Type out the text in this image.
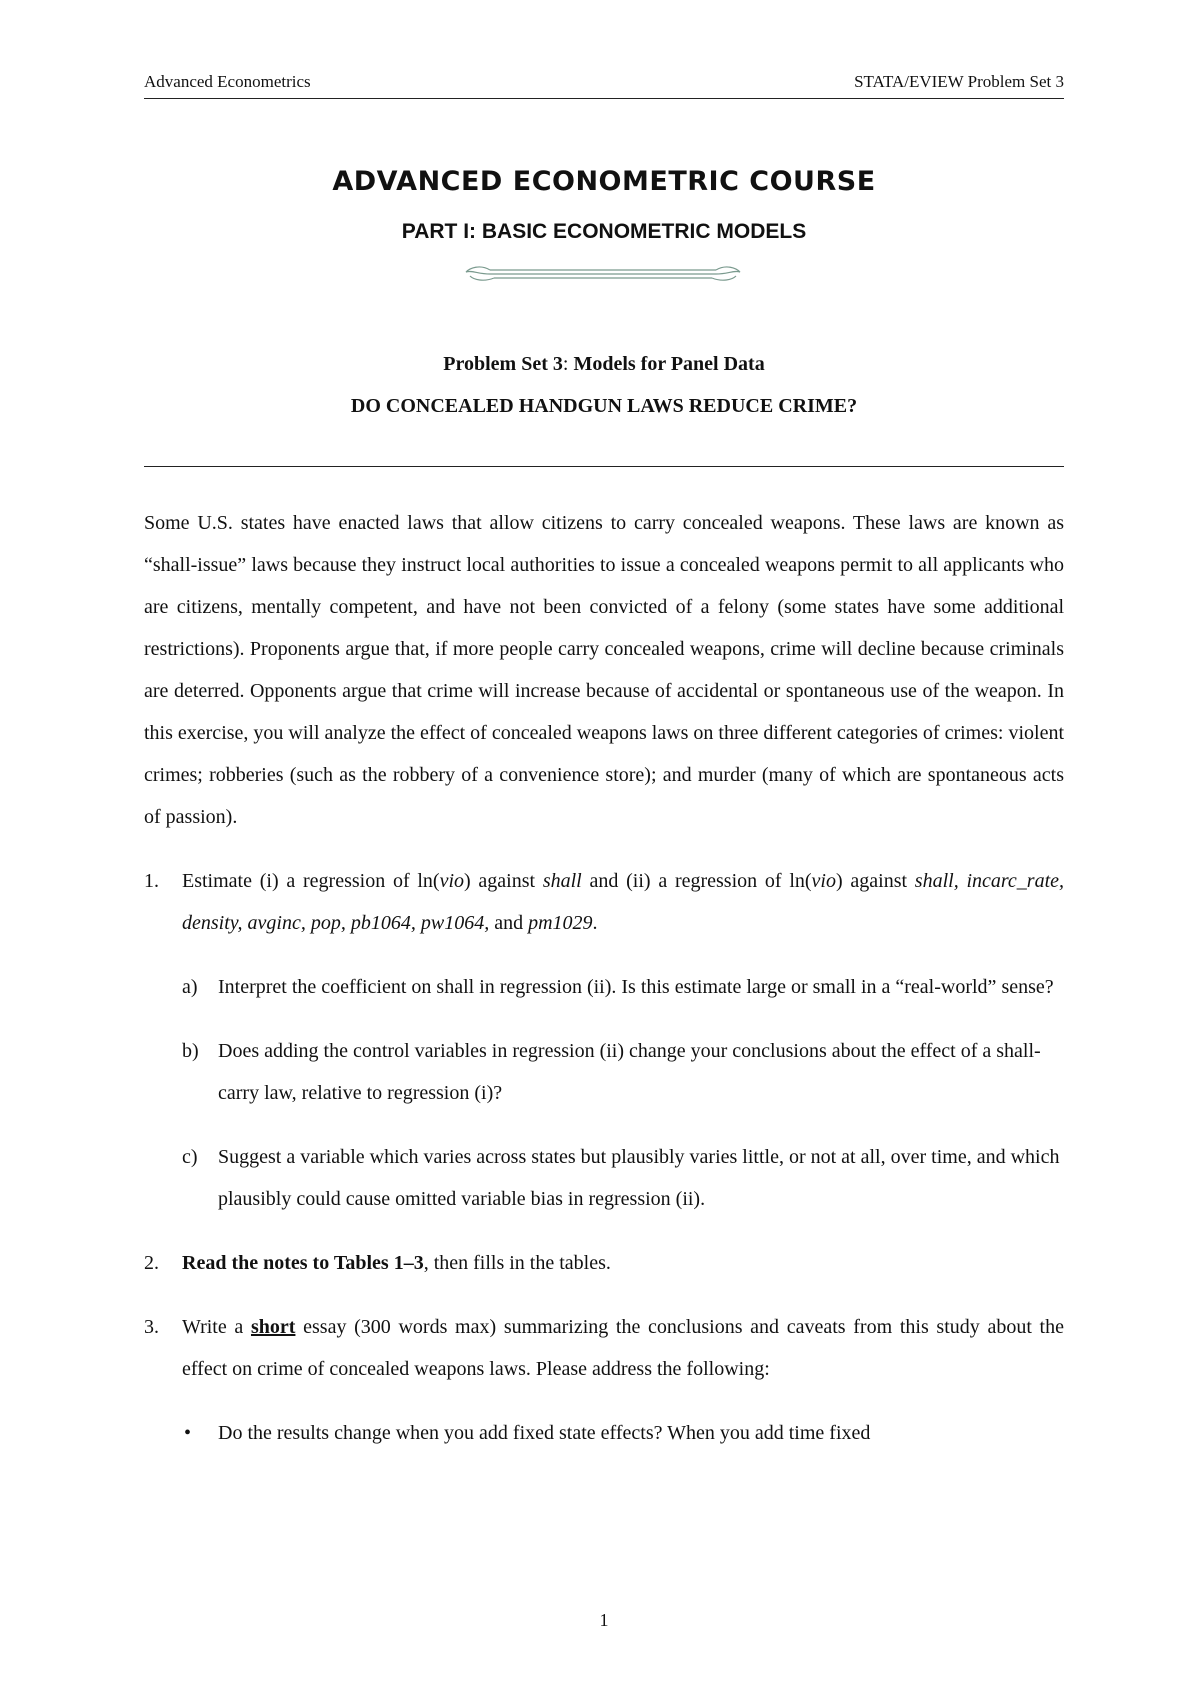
Advanced Econometrics	STATA/EVIEW Problem Set 3
ADVANCED ECONOMETRIC COURSE
PART I: BASIC ECONOMETRIC MODELS
Problem Set 3: Models for Panel Data
DO CONCEALED HANDGUN LAWS REDUCE CRIME?

Some U.S. states have enacted laws that allow citizens to carry concealed weapons. These laws are known as “shall-issue” laws because they instruct local authorities to issue a concealed weapons permit to all applicants who are citizens, mentally competent, and have not been convicted of a felony (some states have some additional restrictions). Proponents argue that, if more people carry concealed weapons, crime will decline because criminals are deterred. Opponents argue that crime will increase because of accidental or spontaneous use of the weapon. In this exercise, you will analyze the effect of concealed weapons laws on three different categories of crimes: violent crimes; robberies (such as the robbery of a convenience store); and murder (many of which are spontaneous acts of passion).

1. Estimate (i) a regression of ln(vio) against shall and (ii) a regression of ln(vio) against shall, incarc_rate, density, avginc, pop, pb1064, pw1064, and pm1029.
a) Interpret the coefficient on shall in regression (ii). Is this estimate large or small in a “real-world” sense?
b) Does adding the control variables in regression (ii) change your conclusions about the effect of a shall-carry law, relative to regression (i)?
c) Suggest a variable which varies across states but plausibly varies little, or not at all, over time, and which plausibly could cause omitted variable bias in regression (ii).
2. Read the notes to Tables 1–3, then fills in the tables.
3. Write a short essay (300 words max) summarizing the conclusions and caveats from this study about the effect on crime of concealed weapons laws. Please address the following:
• Do the results change when you add fixed state effects? When you add time fixed
1
